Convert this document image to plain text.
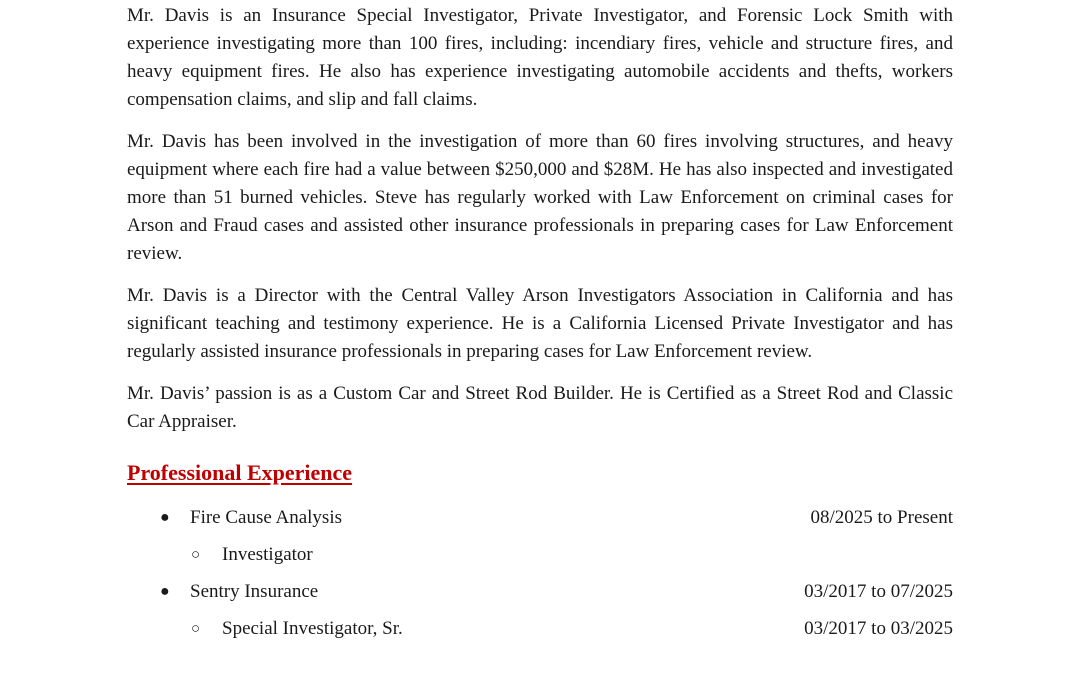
Mr. Davis is an Insurance Special Investigator, Private Investigator, and Forensic Lock Smith with experience investigating more than 100 fires, including: incendiary fires, vehicle and structure fires, and heavy equipment fires. He also has experience investigating automobile accidents and thefts, workers compensation claims, and slip and fall claims.

Mr. Davis has been involved in the investigation of more than 60 fires involving structures, and heavy equipment where each fire had a value between $250,000 and $28M. He has also inspected and investigated more than 51 burned vehicles. Steve has regularly worked with Law Enforcement on criminal cases for Arson and Fraud cases and assisted other insurance professionals in preparing cases for Law Enforcement review.

Mr. Davis is a Director with the Central Valley Arson Investigators Association in California and has significant teaching and testimony experience. He is a California Licensed Private Investigator and has regularly assisted insurance professionals in preparing cases for Law Enforcement review.

Mr. Davis’ passion is as a Custom Car and Street Rod Builder. He is Certified as a Street Rod and Classic Car Appraiser.

Professional Experience
● Fire Cause Analysis	08/2025 to Present
○ Investigator
● Sentry Insurance	03/2017 to 07/2025
○ Special Investigator, Sr.	03/2017 to 03/2025
